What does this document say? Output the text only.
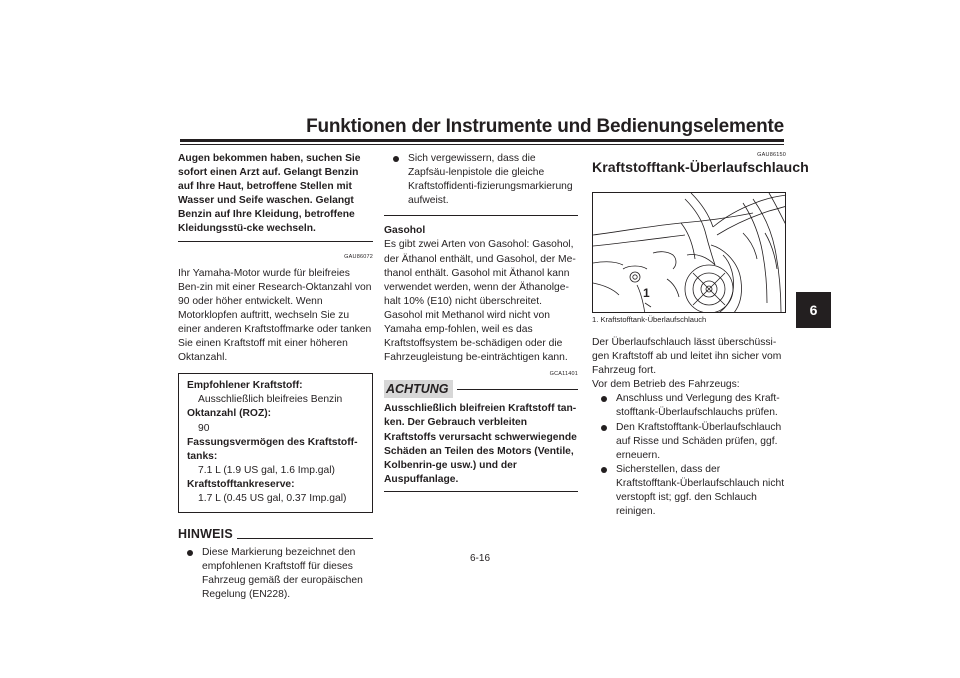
Funktionen der Instrumente und Bedienungselemente
6

Augen bekommen haben, suchen Sie sofort einen Arzt auf. Gelangt Benzin auf Ihre Haut, betroffene Stellen mit Wasser und Seife waschen. Gelangt Benzin auf Ihre Kleidung, betroffene Kleidungsstü-cke wechseln.

GAU86072

Ihr Yamaha-Motor wurde für bleifreies Ben-zin mit einer Research-Oktanzahl von 90 oder höher entwickelt. Wenn Motorklopfen auftritt, wechseln Sie zu einer anderen Kraftstoffmarke oder tanken Sie einen Kraftstoff mit einer höheren Oktanzahl.

Empfohlener Kraftstoff:
Ausschließlich bleifreies Benzin
Oktanzahl (ROZ):
90
Fassungsvermögen des Kraftstoff-tanks:
7.1 L (1.9 US gal, 1.6 Imp.gal)
Kraftstofftankreserve:
1.7 L (0.45 US gal, 0.37 Imp.gal)
HINWEIS
Diese Markierung bezeichnet den empfohlenen Kraftstoff für dieses Fahrzeug gemäß der europäischen Regelung (EN228).
Sich vergewissern, dass die Zapfsäu-lenpistole die gleiche Kraftstoffidenti-fizierungsmarkierung aufweist.

Gasohol

Es gibt zwei Arten von Gasohol: Gasohol, der Äthanol enthält, und Gasohol, der Me-thanol enthält. Gasohol mit Äthanol kann verwendet werden, wenn der Äthanolge-halt 10% (E10) nicht überschreitet. Gasohol mit Methanol wird nicht von Yamaha emp-fohlen, weil es das Kraftstoffsystem be-schädigen oder die Fahrzeugleistung be-einträchtigen kann.

GCA11401
ACHTUNG

Ausschließlich bleifreien Kraftstoff tan-ken. Der Gebrauch verbleiten Kraftstoffs verursacht schwerwiegende Schäden an Teilen des Motors (Ventile, Kolbenrin-ge usw.) und der Auspuffanlage.

GAU86150
Kraftstofftank-Überlaufschlauch
1
1. Kraftstofftank-Überlaufschlauch

Der Überlaufschlauch lässt überschüssi-gen Kraftstoff ab und leitet ihn sicher vom Fahrzeug fort.

Vor dem Betrieb des Fahrzeugs:

Anschluss und Verlegung des Kraft-stofftank-Überlaufschlauchs prüfen.
Den Kraftstofftank-Überlaufschlauch auf Risse und Schäden prüfen, ggf. erneuern.
Sicherstellen, dass der Kraftstofftank-Überlaufschlauch nicht verstopft ist; ggf. den Schlauch reinigen.
6-16
